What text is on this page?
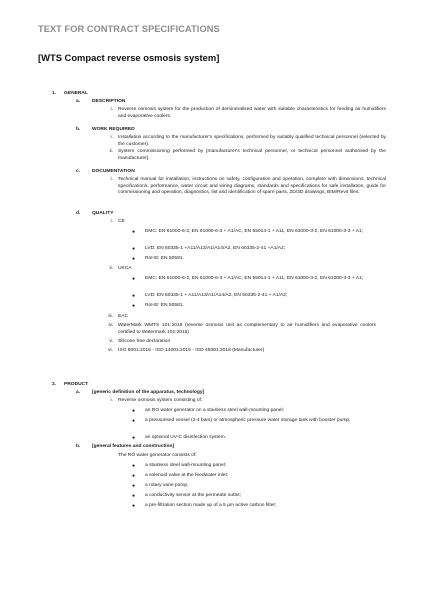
TEXT FOR CONTRACT SPECIFICATIONS
[WTS Compact reverse osmosis system]
1. GENERAL
a. DESCRIPTION
i. Reverse osmosis system for the production of demineralised water with suitable characteristics for feeding air humidifiers and evaporative coolers.
b. WORK REQUIRED
i. Installation according to the manufacturer's specifications, performed by suitably qualified technical personnel (selected by the customer).
ii. System commissioning performed by [manufacturer's technical personnel, or technical personnel authorised by the manufacturer].
c. DOCUMENTATION
i. Technical manual for installation, instructions on safety, configuration and operation, complete with dimensions, technical specifications, performance, water circuit and wiring diagrams, standards and specifications for safe installation, guide for commissioning and operation, diagnostics, list and identification of spare parts, 2D/3D drawings, BIM/Revit files.
d. QUALITY
i. CE
● EMC: EN 61000-6-2, EN 61000-6-3 + A1/AC, EN 55014-1 + A11, EN 61000-3-2, EN 61000-3-3 + A1;
● LVD: EN 60335-1 +A11/A13/A1/A14/A2, EN 60335-2-41 +A1/A2;
● RoHS: EN 50581.
ii. UKCA
● EMC: EN 61000-6-2, EN 61000-6-3 + A1/AC, EN 55014-1 + A11, EN 61000-3-2, EN 61000-3-3 + A1;
● LVD: EN 60335-1 + A11/A13/A1/A14/A2, EN 60335-2-41 + A1/A2;
● RoHS: EN 50581.
iii. EAC
iv. WaterMark WMTS 101:2018 (reverse osmosis unit as complementary to air humidifiers and evaporative coolers certified to Watermark 101:2018)
v. Silicone free declaration
vi. ISO 9001:2015 - ISO 14001:2015 - ISO 45001:2018 (Manufacturer)
2. PRODUCT
a. [generic definition of the apparatus, technology]
i. Reverse osmosis system consisting of:
● an RO water generator on a stainless steel wall-mounting panel;
● a pressurised vessel (2-4 bars) or atmospheric pressure water storage tank with booster pump;
● an optional UV-C disinfection system.
b. [general features and construction]
The RO water generator consists of:
● a stainless steel wall-mounting panel;
● a solenoid valve at the feedwater inlet;
● a rotary vane pump;
● a conductivity sensor at the permeate outlet;
● a pre-filtration section made up of a 5 µm active carbon filter;
